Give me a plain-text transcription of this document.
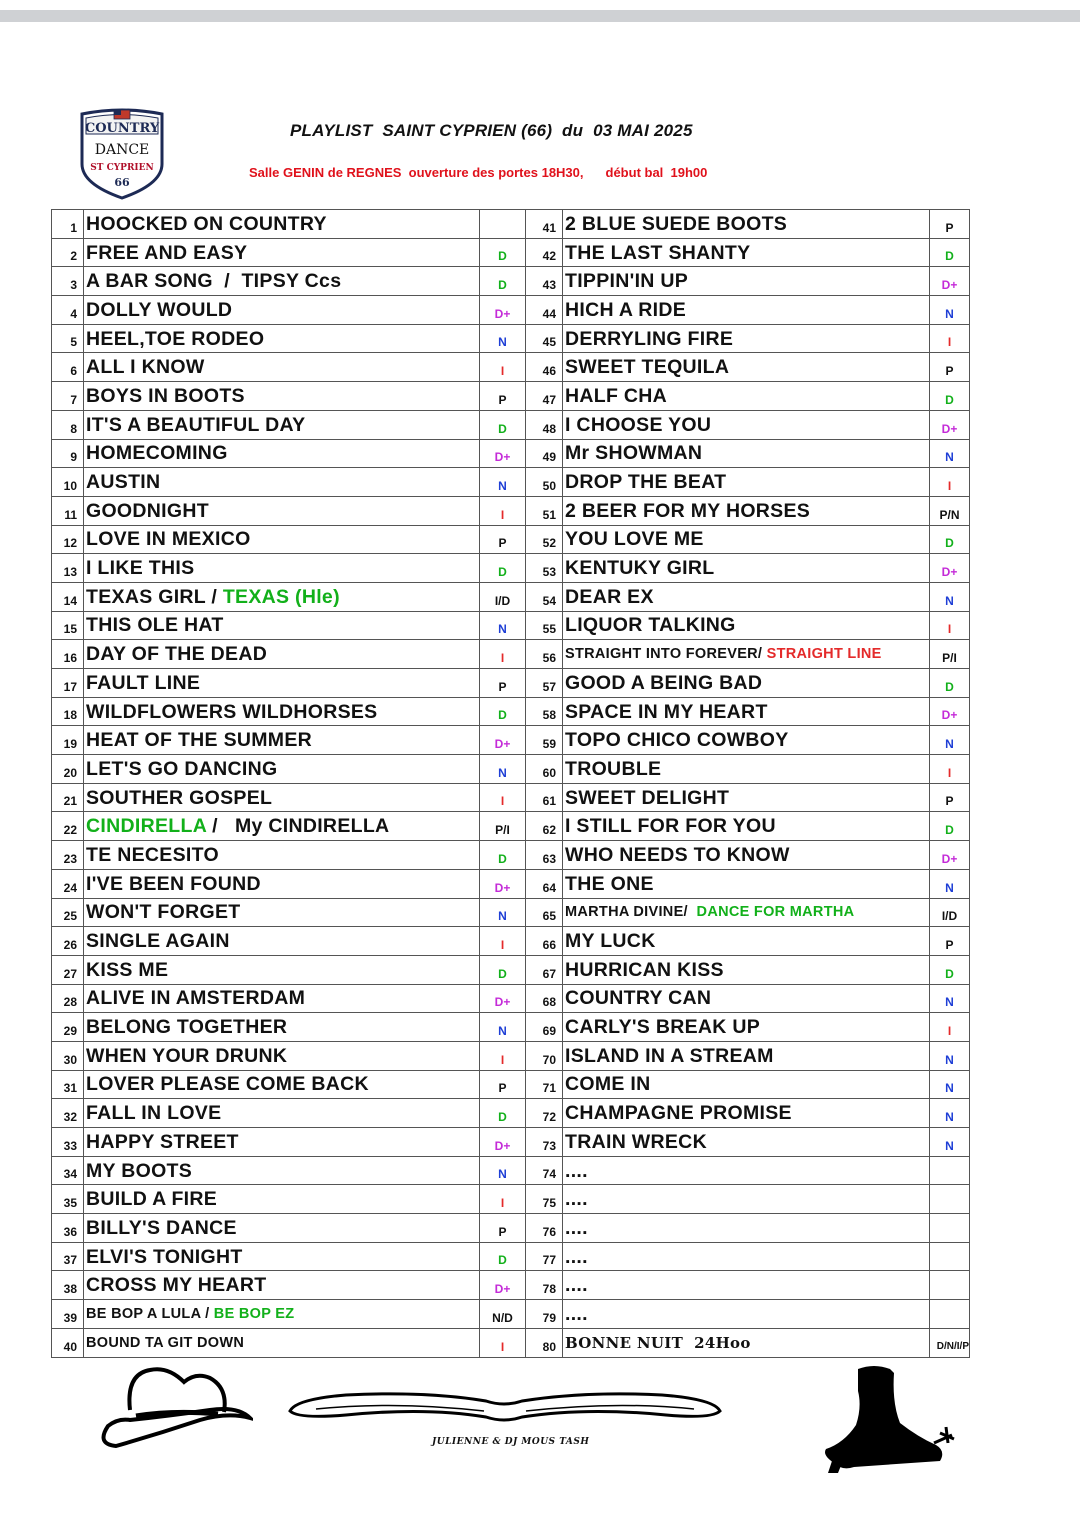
COUNTRY
DANCE
ST CYPRIEN
66
PLAYLIST  SAINT CYPRIEN (66)  du  03 MAI 2025
Salle GENIN de REGNES  ouverture des portes 18H30, début bal  19h00
1	HOOCKED ON COUNTRY		41	2 BLUE SUEDE BOOTS	P
2	FREE AND EASY	D	42	THE LAST SHANTY	D
3	A BAR SONG  /  TIPSY Ccs	D	43	TIPPIN'IN UP	D+
4	DOLLY WOULD	D+	44	HICH A RIDE	N
5	HEEL,TOE RODEO	N	45	DERRYLING FIRE	I
6	ALL I KNOW	I	46	SWEET TEQUILA	P
7	BOYS IN BOOTS	P	47	HALF CHA	D
8	IT'S A BEAUTIFUL DAY	D	48	I CHOOSE YOU	D+
9	HOMECOMING	D+	49	Mr SHOWMAN	N
10	AUSTIN	N	50	DROP THE BEAT	I
11	GOODNIGHT	I	51	2 BEER FOR MY HORSES	P/N
12	LOVE IN MEXICO	P	52	YOU LOVE ME	D
13	I LIKE THIS	D	53	KENTUKY GIRL	D+
14	TEXAS GIRL / TEXAS (Hle)	I/D	54	DEAR EX	N
15	THIS OLE HAT	N	55	LIQUOR TALKING	I
16	DAY OF THE DEAD	I	56	STRAIGHT INTO FOREVER/ STRAIGHT LINE	P/I
17	FAULT LINE	P	57	GOOD A BEING BAD	D
18	WILDFLOWERS WILDHORSES	D	58	SPACE IN MY HEART	D+
19	HEAT OF THE SUMMER	D+	59	TOPO CHICO COWBOY	N
20	LET'S GO DANCING	N	60	TROUBLE	I
21	SOUTHER GOSPEL	I	61	SWEET DELIGHT	P
22	CINDIRELLA /   My CINDIRELLA	P/I	62	I STILL FOR FOR YOU	D
23	TE NECESITO	D	63	WHO NEEDS TO KNOW	D+
24	I'VE BEEN FOUND	D+	64	THE ONE	N
25	WON'T FORGET	N	65	MARTHA DIVINE/  DANCE FOR MARTHA	I/D
26	SINGLE AGAIN	I	66	MY LUCK	P
27	KISS ME	D	67	HURRICAN KISS	D
28	ALIVE IN AMSTERDAM	D+	68	COUNTRY CAN	N
29	BELONG TOGETHER	N	69	CARLY'S BREAK UP	I
30	WHEN YOUR DRUNK	I	70	ISLAND IN A STREAM	N
31	LOVER PLEASE COME BACK	P	71	COME IN	N
32	FALL IN LOVE	D	72	CHAMPAGNE PROMISE	N
33	HAPPY STREET	D+	73	TRAIN WRECK	N
34	MY BOOTS	N	74	....	
35	BUILD A FIRE	I	75	....	
36	BILLY'S DANCE	P	76	....	
37	ELVI'S TONIGHT	D	77	....	
38	CROSS MY HEART	D+	78	....	
39	BE BOP A LULA / BE BOP EZ	N/D	79	....	
40	BOUND TA GIT DOWN	I	80	BONNE NUIT  24Hoo	D/N/I/P
JULIENNE & DJ MOUS TASH
